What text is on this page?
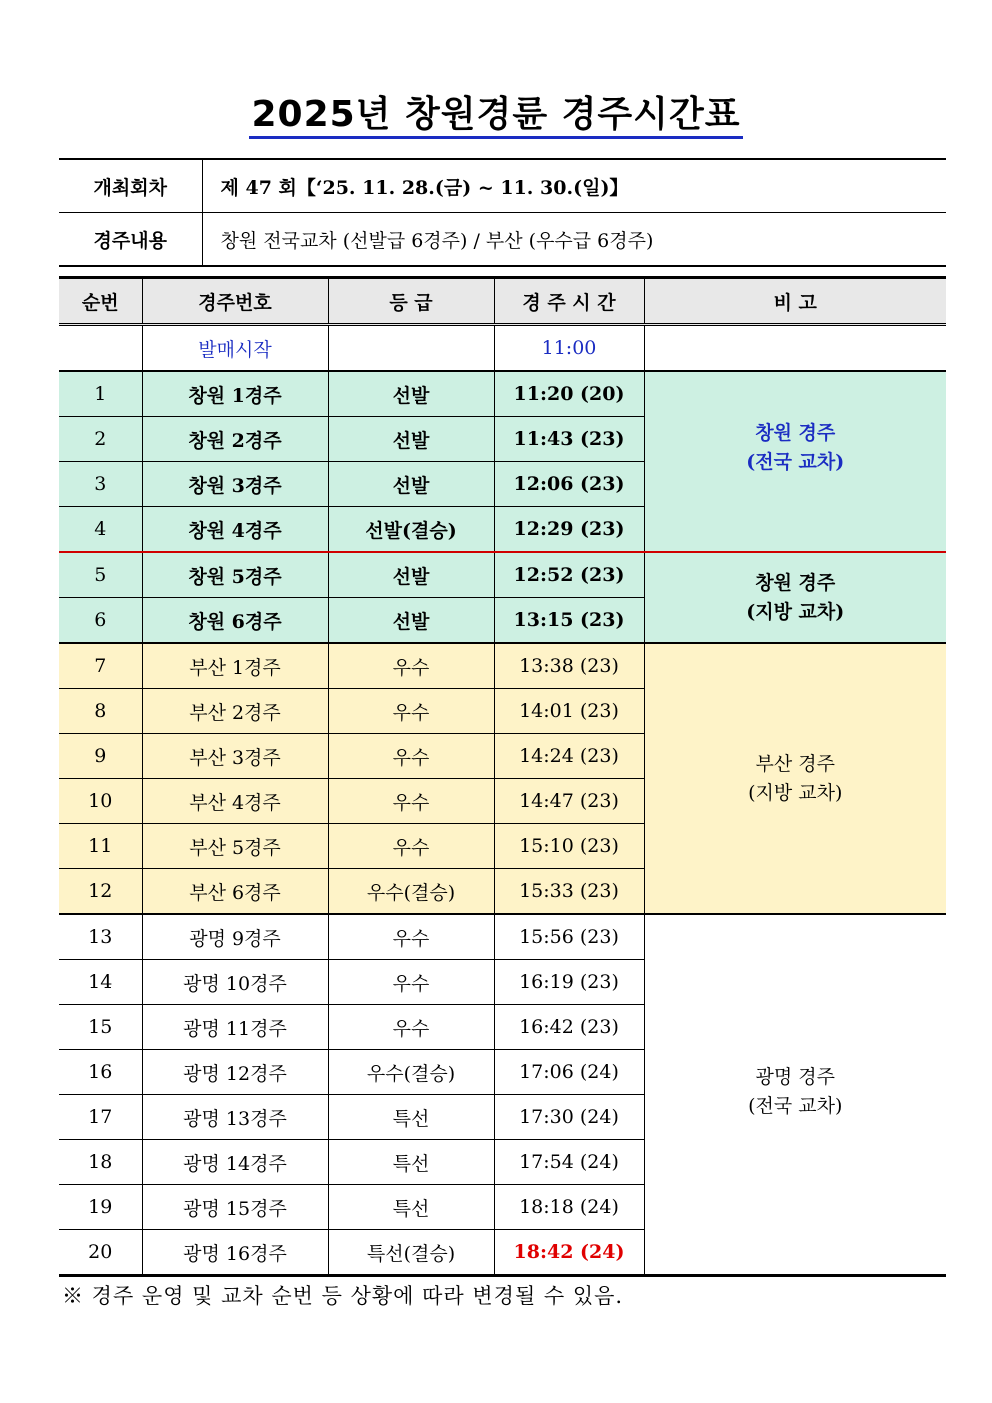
2025년 창원경륜 경주시간표
개최회차	제 47 회【‘25. 11. 28.(금) ~ 11. 30.(일)】
경주내용	창원 전국교차 (선발급 6경주) / 부산 (우수급 6경주)
순번	경주번호	등 급	경 주 시 간	비 고
	발매시작		11:00	
1	창원 1경주	선발	11:20 (20)	창원 경주
(전국 교차)

2	창원 2경주	선발	11:43 (23)	
3	창원 3경주	선발	12:06 (23)	
4	창원 4경주	선발(결승)	12:29 (23)	
5	창원 5경주	선발	12:52 (23)	창원 경주
(지방 교차)

6	창원 6경주	선발	13:15 (23)	
7	부산 1경주	우수	13:38 (23)	부산 경주
(지방 교차)

8	부산 2경주	우수	14:01 (23)	
9	부산 3경주	우수	14:24 (23)	
10	부산 4경주	우수	14:47 (23)	
11	부산 5경주	우수	15:10 (23)	
12	부산 6경주	우수(결승)	15:33 (23)	
13	광명 9경주	우수	15:56 (23)	광명 경주
(전국 교차)

14	광명 10경주	우수	16:19 (23)	
15	광명 11경주	우수	16:42 (23)	
16	광명 12경주	우수(결승)	17:06 (24)	
17	광명 13경주	특선	17:30 (24)	
18	광명 14경주	특선	17:54 (24)	
19	광명 15경주	특선	18:18 (24)	
20	광명 16경주	특선(결승)	18:42 (24)	
※ 경주 운영 및 교차 순번 등 상황에 따라 변경될 수 있음.
